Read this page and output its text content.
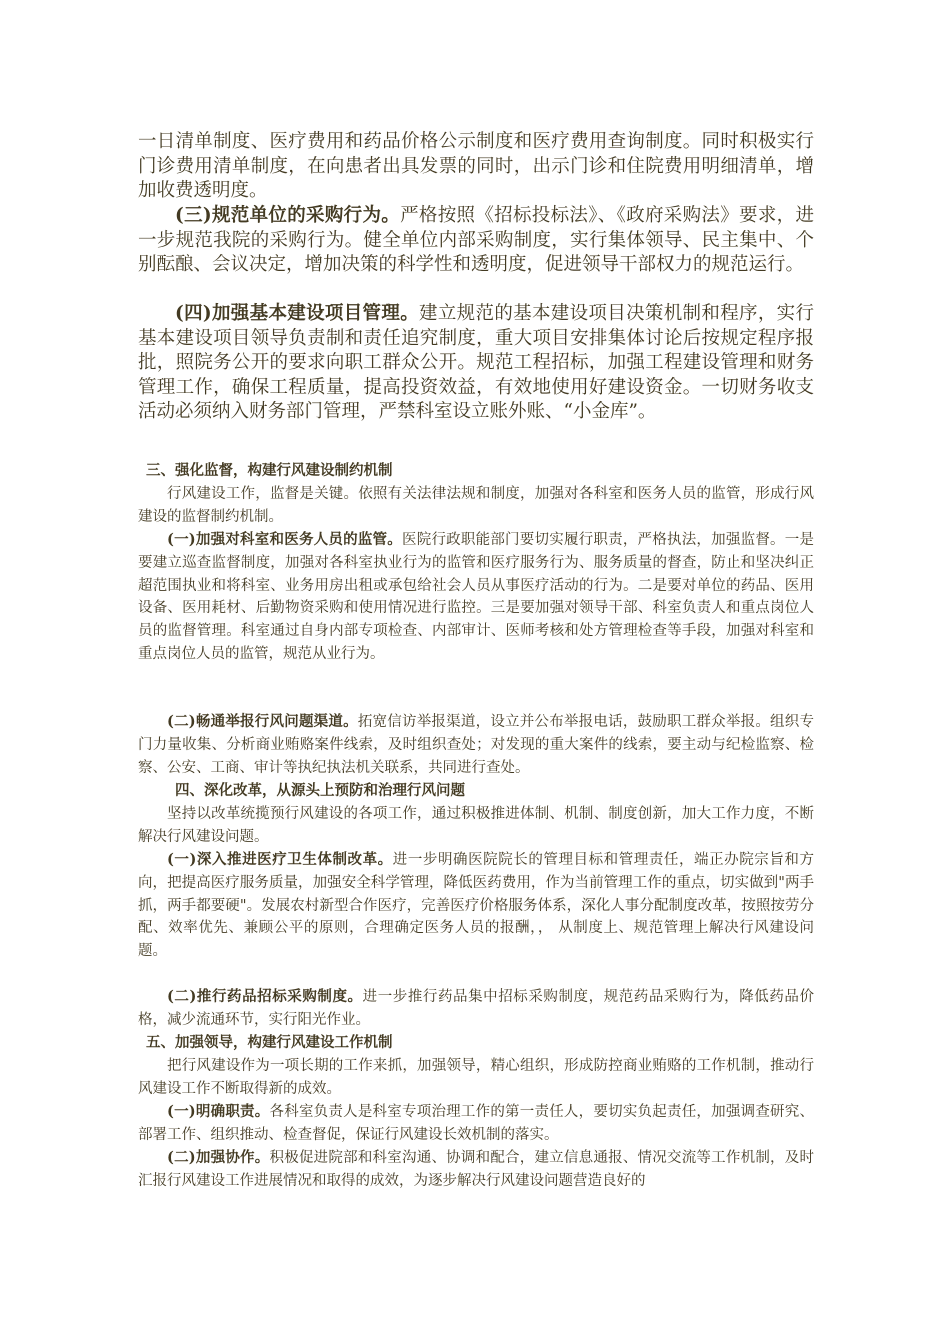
一日清单制度、医疗费用和药品价格公示制度和医疗费用查询制度。同时积极实行门诊费用清单制度，在向患者出具发票的同时，出示门诊和住院费用明细清单，增加收费透明度。

(三)规范单位的采购行为。严格按照《招标投标法》、《政府采购法》要求，进一步规范我院的采购行为。健全单位内部采购制度，实行集体领导、民主集中、个别酝酿、会议决定，增加决策的科学性和透明度，促进领导干部权力的规范运行。

(四)加强基本建设项目管理。建立规范的基本建设项目决策机制和程序，实行基本建设项目领导负责制和责任追究制度，重大项目安排集体讨论后按规定程序报批，照院务公开的要求向职工群众公开。规范工程招标，加强工程建设管理和财务管理工作，确保工程质量，提高投资效益，有效地使用好建设资金。一切财务收支活动必须纳入财务部门管理，严禁科室设立账外账、“小金库”。

三、强化监督，构建行风建设制约机制

行风建设工作，监督是关键。依照有关法律法规和制度，加强对各科室和医务人员的监管，形成行风建设的监督制约机制。

(一)加强对科室和医务人员的监管。医院行政职能部门要切实履行职责，严格执法，加强监督。一是要建立巡查监督制度，加强对各科室执业行为的监管和医疗服务行为、服务质量的督查，防止和坚决纠正超范围执业和将科室、业务用房出租或承包给社会人员从事医疗活动的行为。二是要对单位的药品、医用设备、医用耗材、后勤物资采购和使用情况进行监控。三是要加强对领导干部、科室负责人和重点岗位人员的监督管理。科室通过自身内部专项检查、内部审计、医师考核和处方管理检查等手段，加强对科室和重点岗位人员的监管，规范从业行为。

(二)畅通举报行风问题渠道。拓宽信访举报渠道，设立并公布举报电话，鼓励职工群众举报。组织专门力量收集、分析商业贿赂案件线索，及时组织查处；对发现的重大案件的线索，要主动与纪检监察、检察、公安、工商、审计等执纪执法机关联系，共同进行查处。

四、深化改革，从源头上预防和治理行风问题

坚持以改革统揽预行风建设的各项工作，通过积极推进体制、机制、制度创新，加大工作力度，不断解决行风建设问题。

(一)深入推进医疗卫生体制改革。进一步明确医院院长的管理目标和管理责任，端正办院宗旨和方向，把提高医疗服务质量，加强安全科学管理，降低医药费用，作为当前管理工作的重点，切实做到"两手抓，两手都要硬"。发展农村新型合作医疗，完善医疗价格服务体系，深化人事分配制度改革，按照按劳分配、效率优先、兼顾公平的原则，合理确定医务人员的报酬，， 从制度上、规范管理上解决行风建设问题。

(二)推行药品招标采购制度。进一步推行药品集中招标采购制度，规范药品采购行为，降低药品价格，减少流通环节，实行阳光作业。

五、加强领导，构建行风建设工作机制

把行风建设作为一项长期的工作来抓，加强领导，精心组织，形成防控商业贿赂的工作机制，推动行风建设工作不断取得新的成效。

(一)明确职责。各科室负责人是科室专项治理工作的第一责任人，要切实负起责任，加强调查研究、部署工作、组织推动、检查督促，保证行风建设长效机制的落实。

(二)加强协作。积极促进院部和科室沟通、协调和配合，建立信息通报、情况交流等工作机制，及时汇报行风建设工作进展情况和取得的成效，为逐步解决行风建设问题营造良好的
